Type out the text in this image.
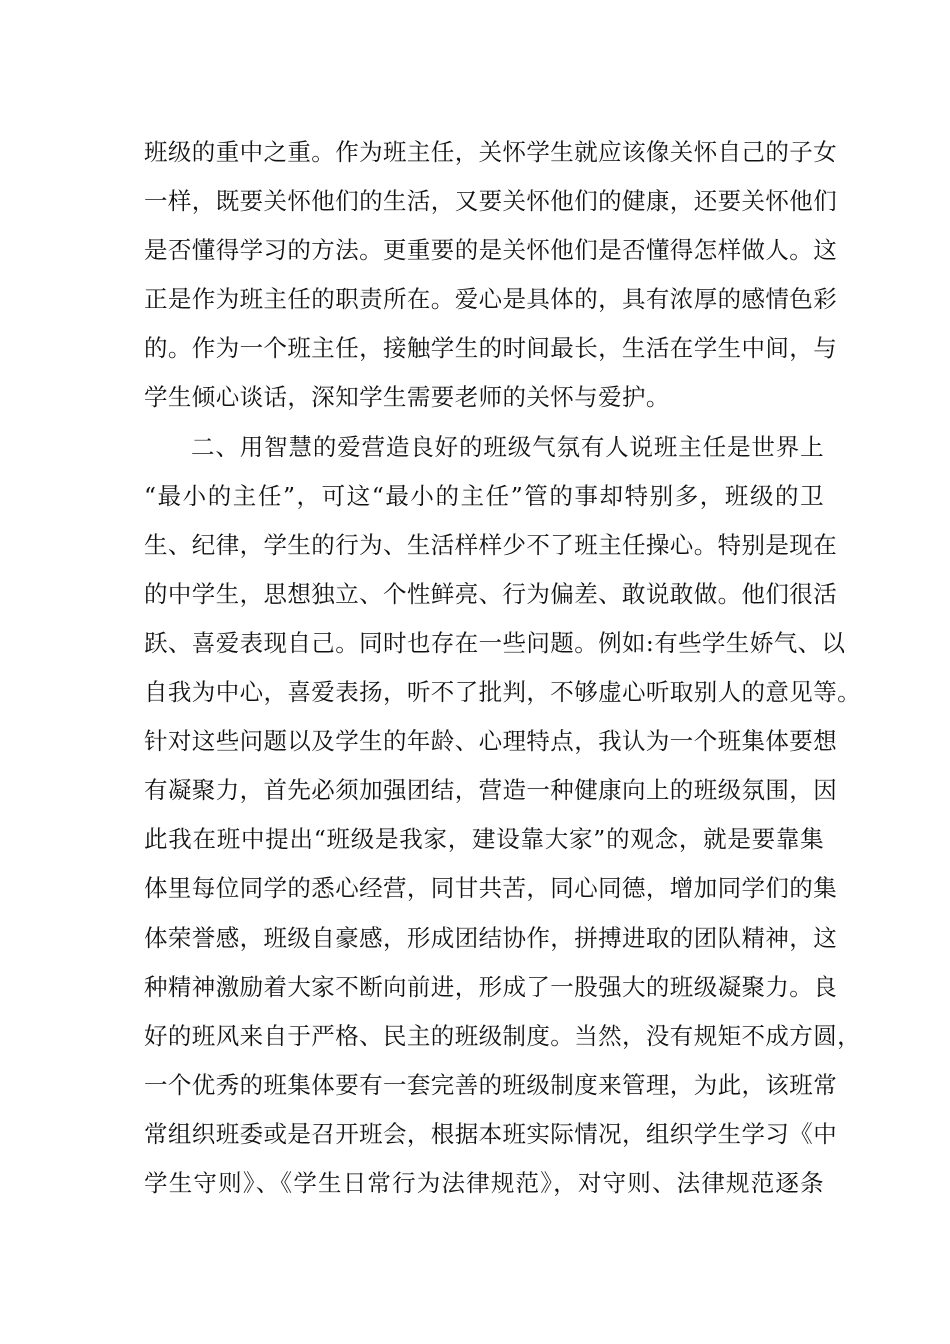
班级的重中之重。作为班主任，关怀学生就应该像关怀自己的子女
一样，既要关怀他们的生活，又要关怀他们的健康，还要关怀他们
是否懂得学习的方法。更重要的是关怀他们是否懂得怎样做人。这
正是作为班主任的职责所在。爱心是具体的，具有浓厚的感情色彩
的。作为一个班主任，接触学生的时间最长，生活在学生中间，与
学生倾心谈话，深知学生需要老师的关怀与爱护。
二、用智慧的爱营造良好的班级气氛有人说班主任是世界上
“最小的主任”，可这“最小的主任”管的事却特别多，班级的卫
生、纪律，学生的行为、生活样样少不了班主任操心。特别是现在
的中学生，思想独立、个性鲜亮、行为偏差、敢说敢做。他们很活
跃、喜爱表现自己。同时也存在一些问题。例如:有些学生娇气、以
自我为中心，喜爱表扬，听不了批判，不够虚心听取别人的意见等。
针对这些问题以及学生的年龄、心理特点，我认为一个班集体要想
有凝聚力，首先必须加强团结，营造一种健康向上的班级氛围，因
此我在班中提出“班级是我家，建设靠大家”的观念，就是要靠集
体里每位同学的悉心经营，同甘共苦，同心同德，增加同学们的集
体荣誉感，班级自豪感，形成团结协作，拼搏进取的团队精神，这
种精神激励着大家不断向前进，形成了一股强大的班级凝聚力。良
好的班风来自于严格、民主的班级制度。当然，没有规矩不成方圆，
一个优秀的班集体要有一套完善的班级制度来管理，为此，该班常
常组织班委或是召开班会，根据本班实际情况，组织学生学习《中
学生守则》、《学生日常行为法律规范》，对守则、法律规范逐条
